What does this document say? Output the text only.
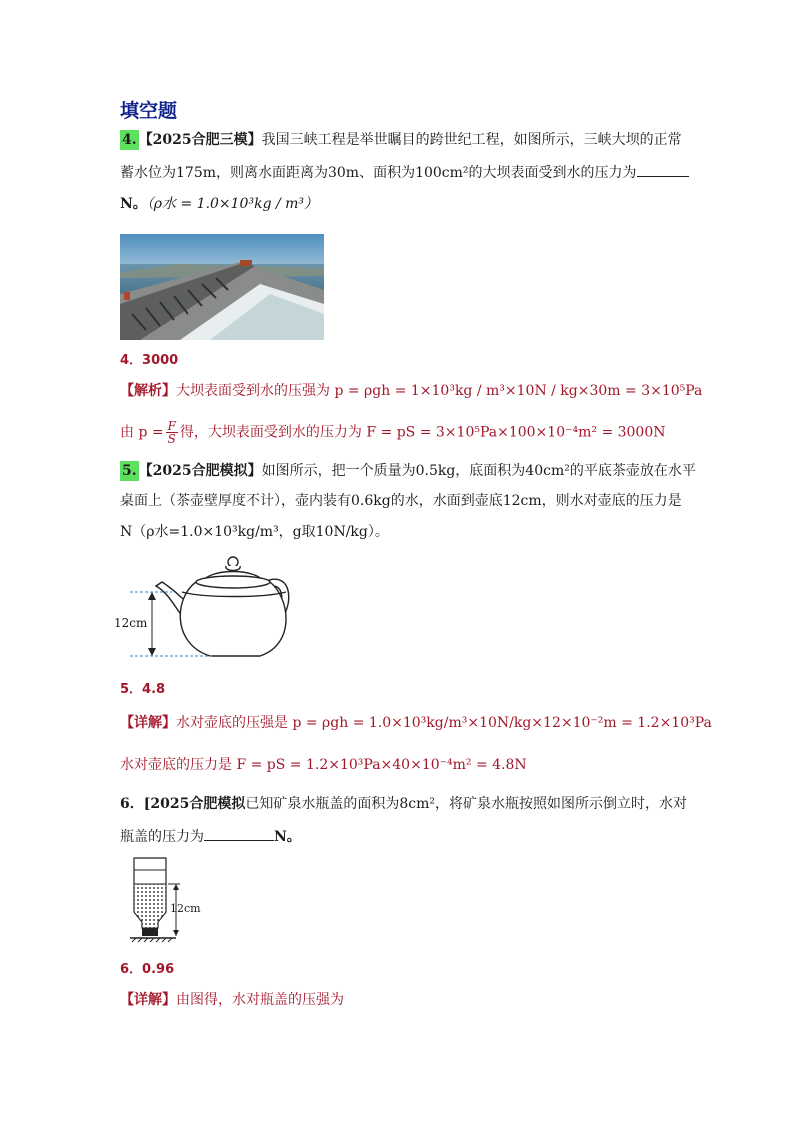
填空题
4. 【2025合肥三模】我国三峡工程是举世瞩目的跨世纪工程，如图所示，三峡大坝的正常
蓄水位为175m，则离水面距离为30m、面积为100cm²的大坝表面受到水的压力为
N。（ρ水 = 1.0×10³kg / m³）
4．3000
【解析】大坝表面受到水的压强为 p = ρgh = 1×10³kg / m³×10N / kg×30m = 3×10⁵Pa
由 $p = \frac{F}{S}$ 得，大坝表面受到水的压力为 F = pS = 3×10⁵Pa×100×10⁻⁴m² = 3000N
5. 【2025合肥模拟】如图所示，把一个质量为0.5kg，底面积为40cm²的平底茶壶放在水平
桌面上（茶壶壁厚度不计），壶内装有0.6kg的水，水面到壶底12cm，则水对壶底的压力是
N（ρ水=1.0×10³kg/m³，g取10N/kg）。
12cm
5．4.8
【详解】水对壶底的压强是 p = ρgh = 1.0×10³kg/m³×10N/kg×12×10⁻²m = 1.2×10³Pa
水对壶底的压力是 F = pS = 1.2×10³Pa×40×10⁻⁴m² = 4.8N
6．[2025合肥模拟已知矿泉水瓶盖的面积为8cm²，将矿泉水瓶按照如图所示倒立时，水对
瓶盖的压力为	N。
12cm
6．0.96
【详解】由图得，水对瓶盖的压强为
